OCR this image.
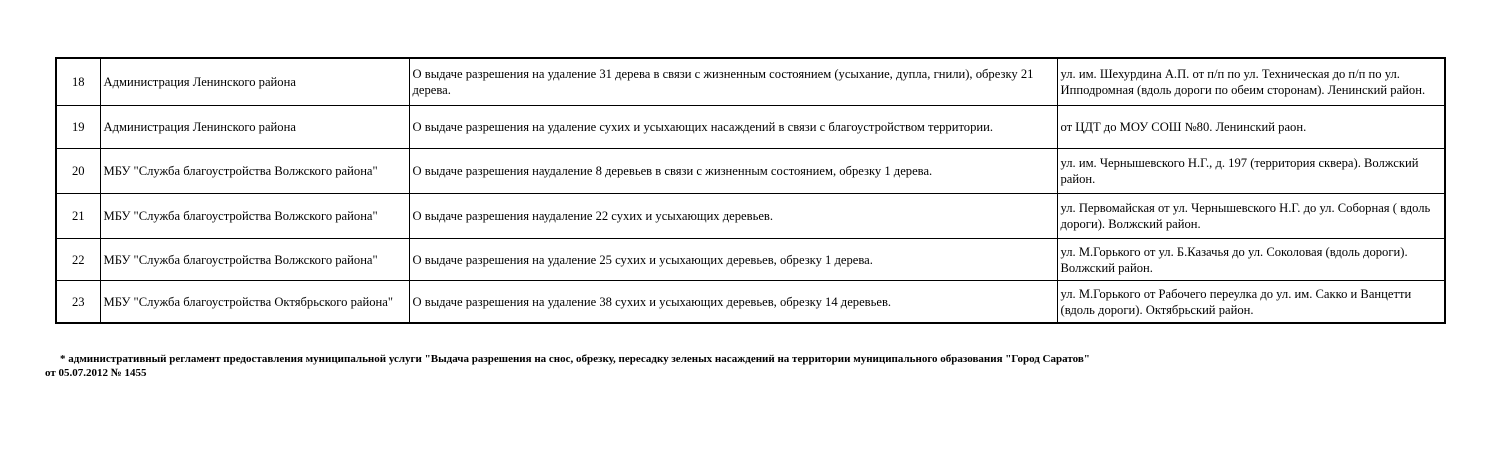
18	Администрация Ленинского района	О выдаче разрешения на удаление 31 дерева в связи с жизненным состоянием (усыхание, дупла, гнили), обрезку 21 дерева.	ул. им. Шехурдина А.П. от п/п по ул. Техническая до п/п по ул. Ипподромная (вдоль дороги по обеим сторонам). Ленинский район.
19	Администрация Ленинского района	О выдаче разрешения на удаление сухих и усыхающих насаждений в связи с благоустройством территории.	от ЦДТ до МОУ СОШ №80. Ленинский раон.
20	МБУ "Служба благоустройства Волжского района"	О выдаче разрешения наудаление 8 деревьев в связи с жизненным состоянием, обрезку 1 дерева.	ул. им. Чернышевского Н.Г., д. 197 (территория сквера). Волжский район.
21	МБУ "Служба благоустройства Волжского района"	О выдаче разрешения наудаление 22 сухих и усыхающих деревьев.	ул. Первомайская от ул. Чернышевского Н.Г. до ул. Соборная ( вдоль дороги). Волжский район.
22	МБУ "Служба благоустройства Волжского района"	О выдаче разрешения на удаление 25 сухих и усыхающих деревьев, обрезку 1 дерева.	ул. М.Горького от ул. Б.Казачья до ул. Соколовая (вдоль дороги). Волжский район.
23	МБУ "Служба благоустройства Октябрьского района"	О выдаче разрешения на удаление 38 сухих и усыхающих деревьев, обрезку 14 деревьев.	ул. М.Горького от Рабочего переулка до ул. им. Сакко и Ванцетти (вдоль дороги). Октябрьский район.
* административный регламент предоставления муниципальной услуги "Выдача разрешения на снос, обрезку, пересадку зеленых насаждений на территории муниципального образования "Город Саратов"
от 05.07.2012 № 1455
